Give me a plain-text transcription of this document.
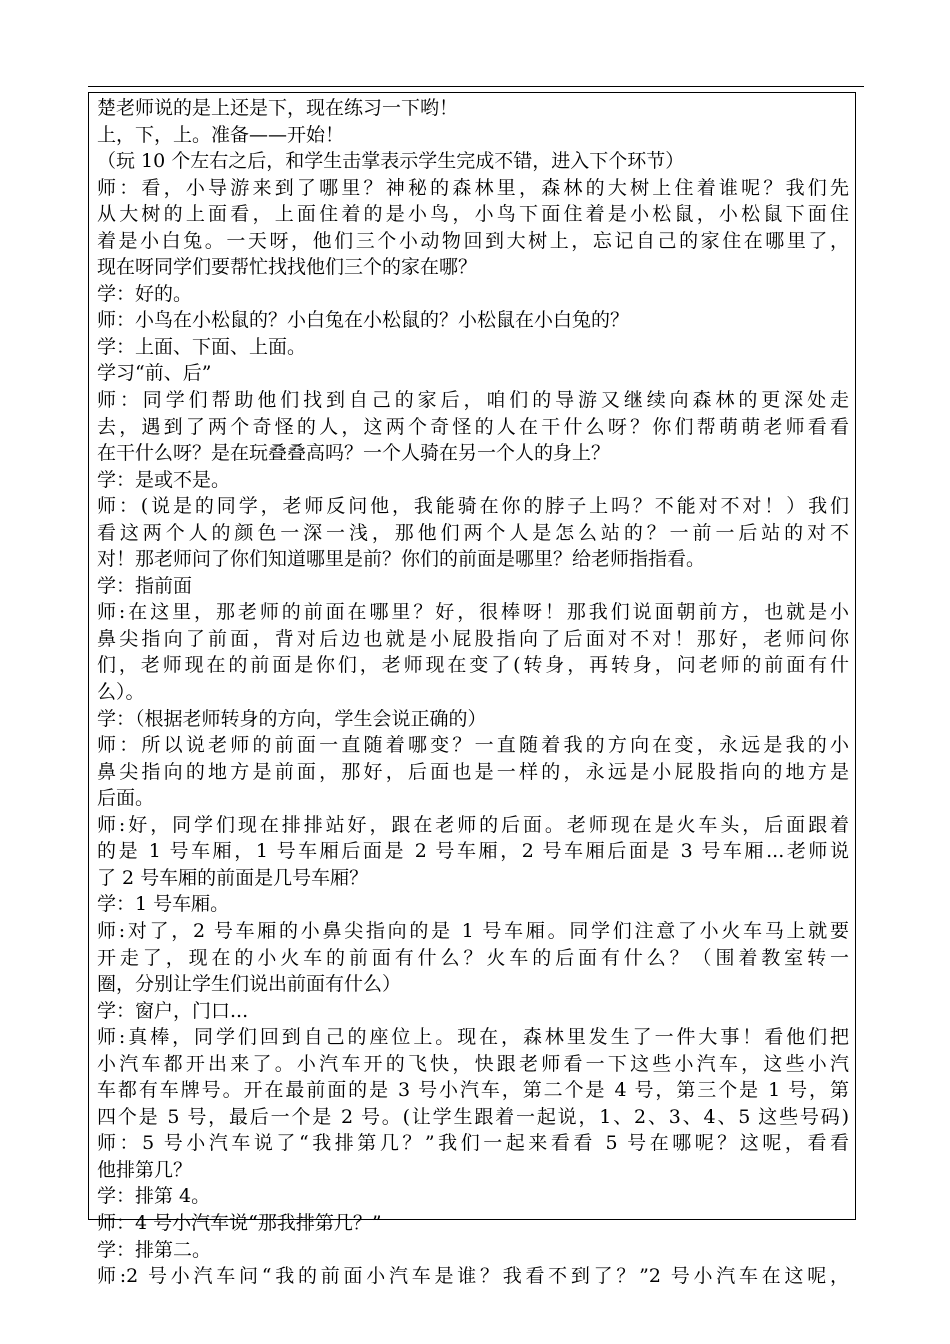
楚老师说的是上还是下，现在练习一下哟！
上，下，上。准备——开始！
（玩 10 个左右之后，和学生击掌表示学生完成不错，进入下个环节）
师：看，小导游来到了哪里？神秘的森林里，森林的大树上住着谁呢？我们先
从大树的上面看，上面住着的是小鸟，小鸟下面住着是小松鼠，小松鼠下面住
着是小白兔。一天呀，他们三个小动物回到大树上，忘记自己的家住在哪里了，
现在呀同学们要帮忙找找他们三个的家在哪？
学：好的。
师：小鸟在小松鼠的？小白兔在小松鼠的？小松鼠在小白兔的？
学：上面、下面、上面。
学习“前、后”
师：同学们帮助他们找到自己的家后，咱们的导游又继续向森林的更深处走
去，遇到了两个奇怪的人，这两个奇怪的人在干什么呀？你们帮萌萌老师看看
在干什么呀？是在玩叠叠高吗？一个人骑在另一个人的身上？
学：是或不是。
师：(说是的同学，老师反问他，我能骑在你的脖子上吗？不能对不对！）我们
看这两个人的颜色一深一浅，那他们两个人是怎么站的？一前一后站的对不
对！那老师问了你们知道哪里是前？你们的前面是哪里？给老师指指看。
学：指前面
师:在这里，那老师的前面在哪里？好，很棒呀！那我们说面朝前方，也就是小
鼻尖指向了前面，背对后边也就是小屁股指向了后面对不对！那好，老师问你
们，老师现在的前面是你们，老师现在变了(转身，再转身，问老师的前面有什
么）。
学：（根据老师转身的方向，学生会说正确的）
师：所以说老师的前面一直随着哪变？一直随着我的方向在变，永远是我的小
鼻尖指向的地方是前面，那好，后面也是一样的，永远是小屁股指向的地方是
后面。
师:好，同学们现在排排站好，跟在老师的后面。老师现在是火车头，后面跟着
的是 1 号车厢，1 号车厢后面是 2 号车厢，2 号车厢后面是 3 号车厢...老师说
了 2 号车厢的前面是几号车厢？
学：1 号车厢。
师:对了，2 号车厢的小鼻尖指向的是 1 号车厢。同学们注意了小火车马上就要
开走了，现在的小火车的前面有什么？火车的后面有什么？（围着教室转一
圈，分别让学生们说出前面有什么）
学：窗户，门口...
师:真棒，同学们回到自己的座位上。现在，森林里发生了一件大事！看他们把
小汽车都开出来了。小汽车开的飞快，快跟老师看一下这些小汽车，这些小汽
车都有车牌号。开在最前面的是 3 号小汽车，第二个是 4 号，第三个是 1 号，第
四个是 5 号，最后一个是 2 号。(让学生跟着一起说，1、2、3、4、5 这些号码)
师：5 号小汽车说了“我排第几？”我们一起来看看 5 号在哪呢？这呢，看看
他排第几？
学：排第 4。
师：4 号小汽车说“那我排第几？”
学：排第二。
师:2 号小汽车问“我的前面小汽车是谁？我看不到了？”2 号小汽车在这呢，
